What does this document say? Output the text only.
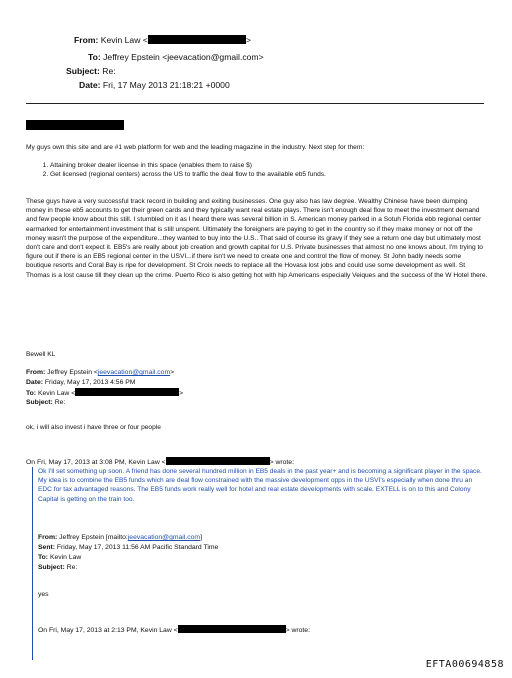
From: Kevin Law <	>
To: Jeffrey Epstein <jeevacation@gmail.com>
Subject: Re:
Date: Fri, 17 May 2013 21:18:21 +0000
My guys own this site and are #1 web platform for web and the leading magazine in the industry. Next step for them:
1. Attaining broker dealer license in this space (enables them to raise $)
2. Get licensed (regional centers) across the US to traffic the deal flow to the available eb5 funds.
These guys have a very successful track record in building and exiting businesses. One guy also has law degree. Wealthy Chinese have been dumping money in these eb5 accounts to get their green cards and they typically want real estate plays. There isn't enough deal flow to meet the investment demand and few people know about this still. I stumbled on it as I heard there was several billion in S. American money parked in a Sotuh Florida ebb regional center earmarked for entertainment investment that is still unspent. Ultimately the foreigners are paying to get in the country so if they make money or not off the money wasn't the purpose of the expenditure...they wanted to buy into the U.S.. That said of course its gravy if they see a return one day but ultimately most don't care and don't expect it. EB5's are really about job creation and growth capital for U.S. Private businesses that almost no one knows about. I'm trying to figure out if there is an EB5 regional center in the USVI...if there isn't we need to create one and control the flow of money. St John badly needs some boutique resorts and Coral Bay is ripe for development. St Croix needs to replace all the Hovasa lost jobs and could use some development as well. St Thomas is a lost cause till they clean up the crime. Puerto Rico is also getting hot with hip Americans especially Veiques and the success of the W Hotel there.
Bewell KL
From: Jeffrey Epstein <jeevacation@gmail.com>
Date: Friday, May 17, 2013 4:56 PM
To: Kevin Law <	>
Subject: Re:
ok, i will also invest i have three or four people
On Fri, May 17, 2013 at 3:08 PM, Kevin Law <	> wrote:
Ok I'll set something up soon. A friend has done several hundred million in EB5 deals in the past year+ and is becoming a significant player in the space. My idea is to combine the EB5 funds which are deal flow constrained with the massive development opps in the USVI's especially when done thru an EDC for tax advantaged reasons. The EB5 funds work really well for hotel and real estate developments with scale. EXTELL is on to this and Colony Capital is getting on the train too.
From: Jeffrey Epstein [mailto:jeevacation@gmail.com]
Sent: Friday, May 17, 2013 11:56 AM Pacific Standard Time
To: Kevin Law
Subject: Re:
yes
On Fri, May 17, 2013 at 2:13 PM, Kevin Law <	> wrote:
EFTA00694858
